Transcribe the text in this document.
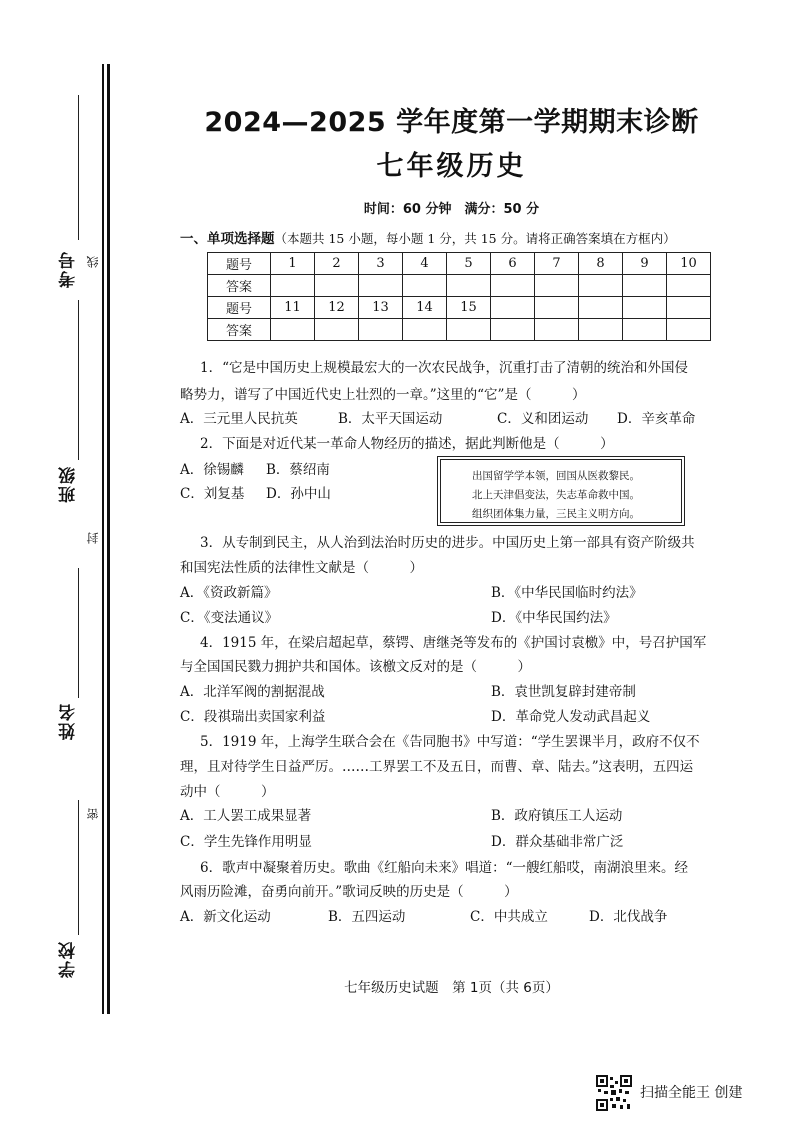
考号 线
班级
封
姓名
密
学校
2024—2025 学年度第一学期期末诊断
七年级历史
时间：60 分钟　满分：50 分
一、单项选择题（本题共 15 小题，每小题 1 分，共 15 分。请将正确答案填在方框内）
题号	1	2	3	4	5	6	7	8	9	10
答案										
题号	11	12	13	14	15					
答案										
1．“它是中国历史上规模最宏大的一次农民战争，沉重打击了清朝的统治和外国侵
略势力，谱写了中国近代史上壮烈的一章。”这里的“它”是（　　　）
A．三元里人民抗英	B．太平天国运动	C．义和团运动 D．辛亥革命
2．下面是对近代某一革命人物经历的描述，据此判断他是（　　　）
A．徐锡麟 B．蔡绍南
C．刘复基 D．孙中山
出国留学学本领，回国从医救黎民。
北上天津倡变法，失志革命救中国。
组织团体集力量，三民主义明方向。
3．从专制到民主，从人治到法治时历史的进步。中国历史上第一部具有资产阶级共
和国宪法性质的法律性文献是（　　　）
A．《资政新篇》	B．《中华民国临时约法》
C．《变法通议》	D．《中华民国约法》
4．1915 年，在梁启超起草，蔡锷、唐继尧等发布的《护国讨袁檄》中，号召护国军
与全国国民戮力拥护共和国体。该檄文反对的是（　　　）
A．北洋军阀的割据混战	B．袁世凯复辟封建帝制
C．段祺瑞出卖国家利益	D．革命党人发动武昌起义
5．1919 年，上海学生联合会在《告同胞书》中写道：“学生罢课半月，政府不仅不
理，且对待学生日益严厉。……工界罢工不及五日，而曹、章、陆去。”这表明，五四运
动中（　　　）
A．工人罢工成果显著	B．政府镇压工人运动
C．学生先锋作用明显	D．群众基础非常广泛
6．歌声中凝聚着历史。歌曲《红船向未来》唱道：“一艘红船哎，南湖浪里来。经
风雨历险滩，奋勇向前开。”歌词反映的历史是（　　　）
A．新文化运动	B．五四运动	C．中共成立	D．北伐战争
七年级历史试题　第 1页（共 6页）
扫描全能王 创建
